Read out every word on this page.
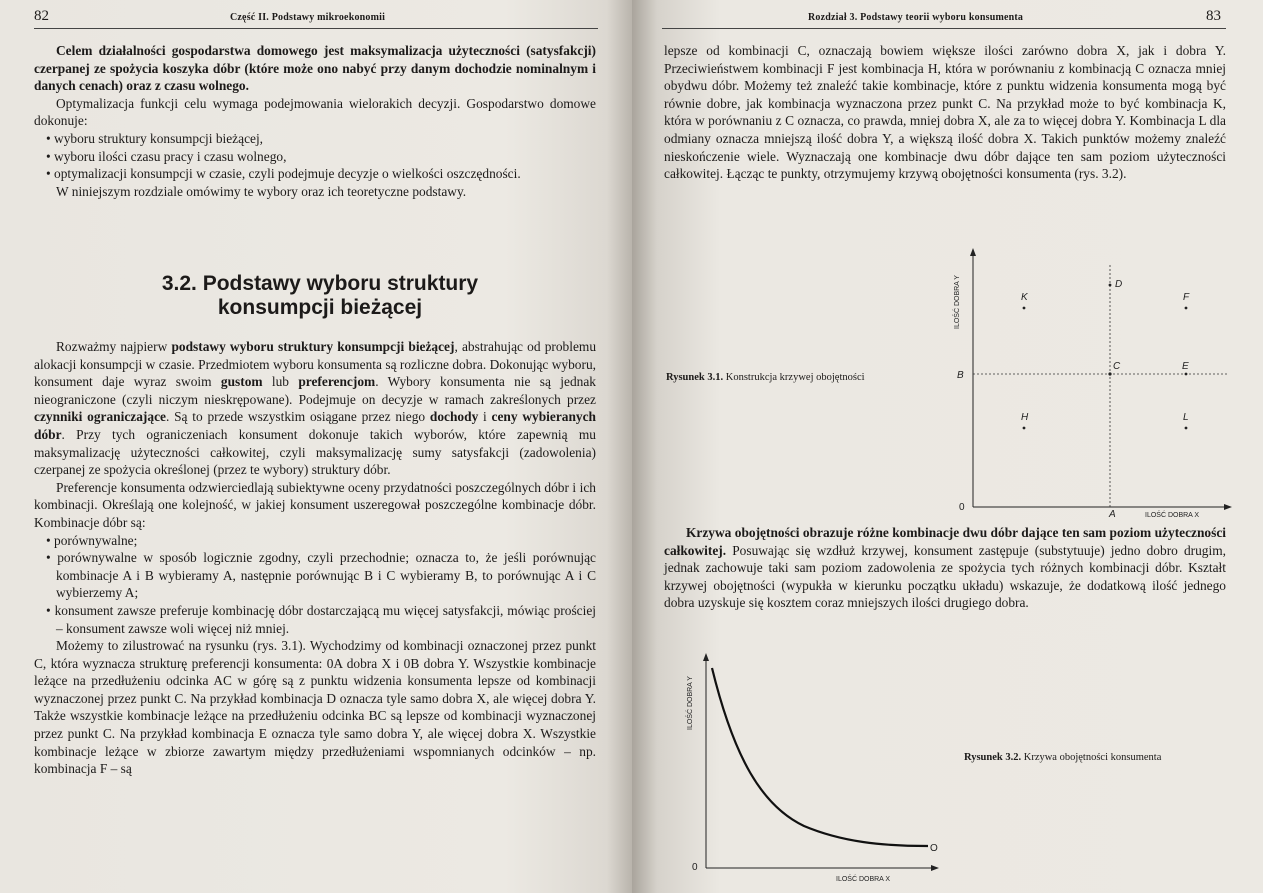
82	Część II. Podstawy mikroekonomii

Celem działalności gospodarstwa domowego jest maksymalizacja użyteczności (satysfakcji) czerpanej ze spożycia koszyka dóbr (które może ono nabyć przy danym dochodzie nominalnym i danych cenach) oraz z czasu wolnego.

Optymalizacja funkcji celu wymaga podejmowania wielorakich decyzji. Gospodarstwo domowe dokonuje:

• wyboru struktury konsumpcji bieżącej,

• wyboru ilości czasu pracy i czasu wolnego,

• optymalizacji konsumpcji w czasie, czyli podejmuje decyzje o wielkości oszczędności.

W niniejszym rozdziale omówimy te wybory oraz ich teoretyczne podstawy.

3.2. Podstawy wyboru struktury konsumpcji bieżącej

Rozważmy najpierw podstawy wyboru struktury konsumpcji bieżącej, abstrahując od problemu alokacji konsumpcji w czasie. Przedmiotem wyboru konsumenta są rozliczne dobra. Dokonując wyboru, konsument daje wyraz swoim gustom lub preferencjom. Wybory konsumenta nie są jednak nieograniczone (czyli niczym nieskrępowane). Podejmuje on decyzje w ramach zakreślonych przez czynniki ograniczające. Są to przede wszystkim osiągane przez niego dochody i ceny wybieranych dóbr. Przy tych ograniczeniach konsument dokonuje takich wyborów, które zapewnią mu maksymalizację użyteczności całkowitej, czyli maksymalizację sumy satysfakcji (zadowolenia) czerpanej ze spożycia określonej (przez te wybory) struktury dóbr.

Preferencje konsumenta odzwierciedlają subiektywne oceny przydatności poszczególnych dóbr i ich kombinacji. Określają one kolejność, w jakiej konsument uszeregował poszczególne kombinacje dóbr. Kombinacje dóbr są:

• porównywalne;

• porównywalne w sposób logicznie zgodny, czyli przechodnie; oznacza to, że jeśli porównując kombinacje A i B wybieramy A, następnie porównując B i C wybieramy B, to porównując A i C wybierzemy A;

• konsument zawsze preferuje kombinację dóbr dostarczającą mu więcej satysfakcji, mówiąc prościej – konsument zawsze woli więcej niż mniej.

Możemy to zilustrować na rysunku (rys. 3.1). Wychodzimy od kombinacji oznaczonej przez punkt C, która wyznacza strukturę preferencji konsumenta: 0A dobra X i 0B dobra Y. Wszystkie kombinacje leżące na przedłużeniu odcinka AC w górę są z punktu widzenia konsumenta lepsze od kombinacji wyznaczonej przez punkt C. Na przykład kombinacja D oznacza tyle samo dobra X, ale więcej dobra Y. Także wszystkie kombinacje leżące na przedłużeniu odcinka BC są lepsze od kombinacji wyznaczonej przez punkt C. Na przykład kombinacja E oznacza tyle samo dobra Y, ale więcej dobra X. Wszystkie kombinacje leżące w zbiorze zawartym między przedłużeniami wspomnianych odcinków – np. kombinacja F – są

Rozdział 3. Podstawy teorii wyboru konsumenta	83

lepsze od kombinacji C, oznaczają bowiem większe ilości zarówno dobra X, jak i dobra Y. Przeciwieństwem kombinacji F jest kombinacja H, która w porównaniu z kombinacją C oznacza mniej obydwu dóbr. Możemy też znaleźć takie kombinacje, które z punktu widzenia konsumenta mogą być równie dobre, jak kombinacja wyznaczona przez punkt C. Na przykład może to być kombinacja K, która w porównaniu z C oznacza, co prawda, mniej dobra X, ale za to więcej dobra Y. Kombinacja L dla odmiany oznacza mniejszą ilość dobra Y, a większą ilość dobra X. Takich punktów możemy znaleźć nieskończenie wiele. Wyznaczają one kombinacje dwu dóbr dające ten sam poziom użyteczności całkowitej. Łącząc te punkty, otrzymujemy krzywą obojętności konsumenta (rys. 3.2).

Rysunek 3.1. Konstrukcja krzywej obojętności
ILOŚĆ DOBRA Y
ILOŚĆ DOBRA X
0
A
B
K
D
F
C	E
H	L

Krzywa obojętności obrazuje różne kombinacje dwu dóbr dające ten sam poziom użyteczności całkowitej. Posuwając się wzdłuż krzywej, konsument zastępuje (substytuuje) jedno dobro drugim, jednak zachowuje taki sam poziom zadowolenia ze spożycia tych różnych kombinacji dóbr. Kształt krzywej obojętności (wypukła w kierunku początku układu) wskazuje, że dodatkową ilość jednego dobra uzyskuje się kosztem coraz mniejszych ilości drugiego dobra.

ILOŚĆ DOBRA Y
ILOŚĆ DOBRA X
0
O
Rysunek 3.2. Krzywa obojętności konsumenta
